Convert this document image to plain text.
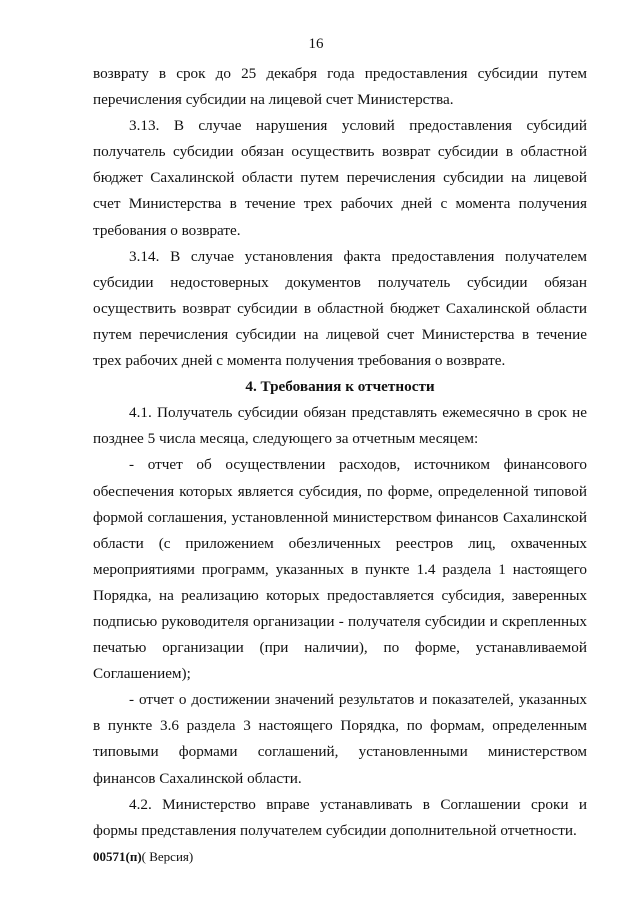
16

возврату в срок до 25 декабря года предоставления субсидии путем перечисления субсидии на лицевой счет Министерства.

3.13. В случае нарушения условий предоставления субсидий получатель субсидии обязан осуществить возврат субсидии в областной бюджет Сахалинской области путем перечисления субсидии на лицевой счет Министерства в течение трех рабочих дней с момента получения требования о возврате.

3.14. В случае установления факта предоставления получателем субсидии недостоверных документов получатель субсидии обязан осуществить возврат субсидии в областной бюджет Сахалинской области путем перечисления субсидии на лицевой счет Министерства в течение трех рабочих дней с момента получения требования о возврате.

4. Требования к отчетности

4.1. Получатель субсидии обязан представлять ежемесячно в срок не позднее 5 числа месяца, следующего за отчетным месяцем:

- отчет об осуществлении расходов, источником финансового обеспечения которых является субсидия, по форме, определенной типовой формой соглашения, установленной министерством финансов Сахалинской области (с приложением обезличенных реестров лиц, охваченных мероприятиями программ, указанных в пункте 1.4 раздела 1 настоящего Порядка, на реализацию которых предоставляется субсидия, заверенных подписью руководителя организации - получателя субсидии и скрепленных печатью организации (при наличии), по форме, устанавливаемой Соглашением);

- отчет о достижении значений результатов и показателей, указанных в пункте 3.6 раздела 3 настоящего Порядка, по формам, определенным типовыми формами соглашений, установленными министерством финансов Сахалинской области.

4.2. Министерство вправе устанавливать в Соглашении сроки и формы представления получателем субсидии дополнительной отчетности.

00571(п)( Версия)
